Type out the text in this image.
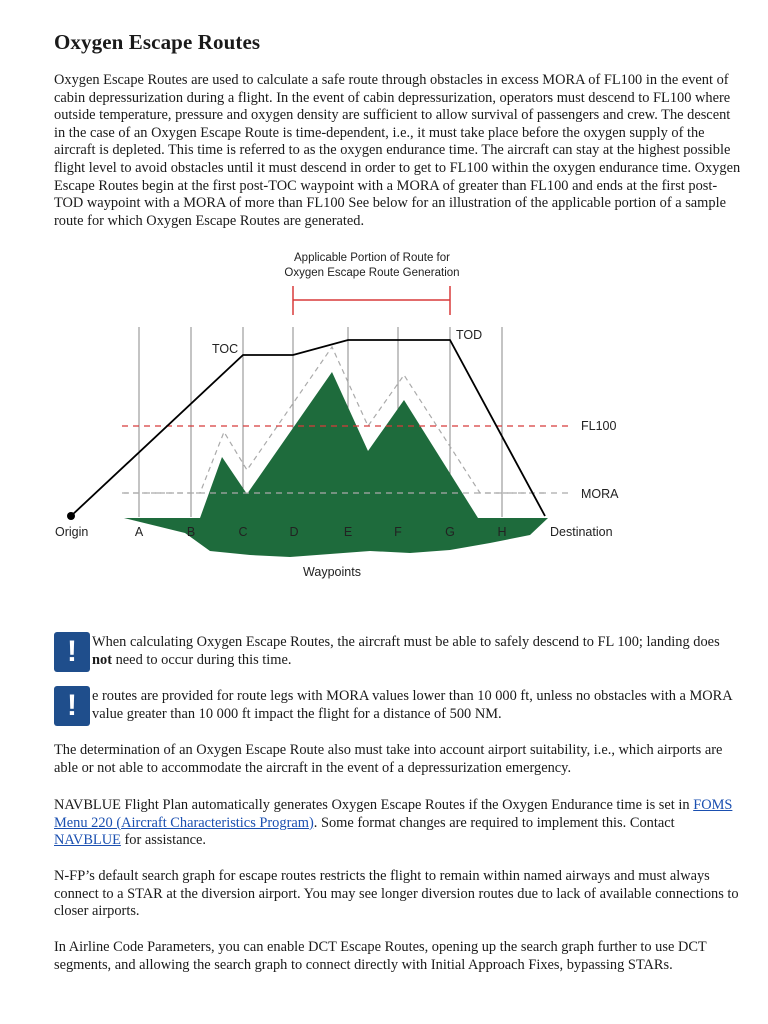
Oxygen Escape Routes

Oxygen Escape Routes are used to calculate a safe route through obstacles in excess MORA of FL100 in the event of cabin depressurization during a flight. In the event of cabin depressurization, operators must descend to FL100 where outside temperature, pressure and oxygen density are sufficient to allow survival of passengers and crew. The descent in the case of an Oxygen Escape Route is time-dependent, i.e., it must take place before the oxygen supply of the aircraft is depleted. This time is referred to as the oxygen endurance time. The aircraft can stay at the highest possible flight level to avoid obstacles until it must descend in order to get to FL100 within the oxygen endurance time. Oxygen Escape Routes begin at the first post-TOC waypoint with a MORA of greater than FL100 and ends at the first post-TOD waypoint with a MORA of more than FL100 See below for an illustration of the applicable portion of a sample route for which Oxygen Escape Routes are generated.

Applicable Portion of Route for
Oxygen Escape Route Generation
FL100
MORA
TOC
TOD
Origin	Destination
A	B	C	D	E	F	G	H
Waypoints
!	When calculating Oxygen Escape Routes, the aircraft must be able to safely descend to FL 100; landing does not need to occur during this time.

!	e routes are provided for route legs with MORA values lower than 10 000 ft, unless no obstacles with a MORA value greater than 10 000 ft impact the flight for a distance of 500 NM.

The determination of an Oxygen Escape Route also must take into account airport suitability, i.e., which airports are able or not able to accommodate the aircraft in the event of a depressurization emergency.

NAVBLUE Flight Plan automatically generates Oxygen Escape Routes if the Oxygen Endurance time is set in FOMS Menu 220 (Aircraft Characteristics Program). Some format changes are required to implement this. Contact NAVBLUE for assistance.

N-FP’s default search graph for escape routes restricts the flight to remain within named airways and must always connect to a STAR at the diversion airport. You may see longer diversion routes due to lack of available connections to closer airports.

In Airline Code Parameters, you can enable DCT Escape Routes, opening up the search graph further to use DCT segments, and allowing the search graph to connect directly with Initial Approach Fixes, bypassing STARs.
